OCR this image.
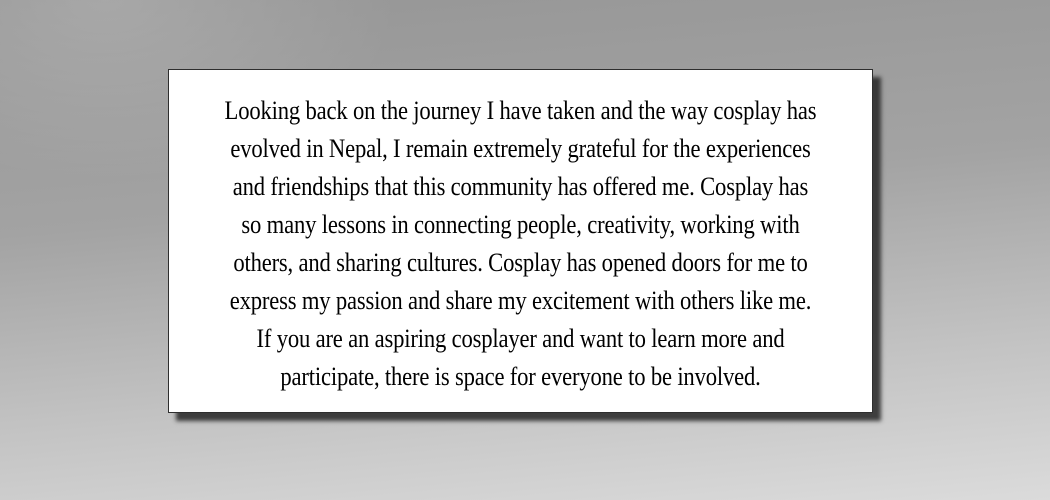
Looking back on the journey I have taken and the way cosplay has
evolved in Nepal, I remain extremely grateful for the experiences
and friendships that this community has offered me. Cosplay has
so many lessons in connecting people, creativity, working with
others, and sharing cultures. Cosplay has opened doors for me to
express my passion and share my excitement with others like me.
If you are an aspiring cosplayer and want to learn more and
participate, there is space for everyone to be involved.
